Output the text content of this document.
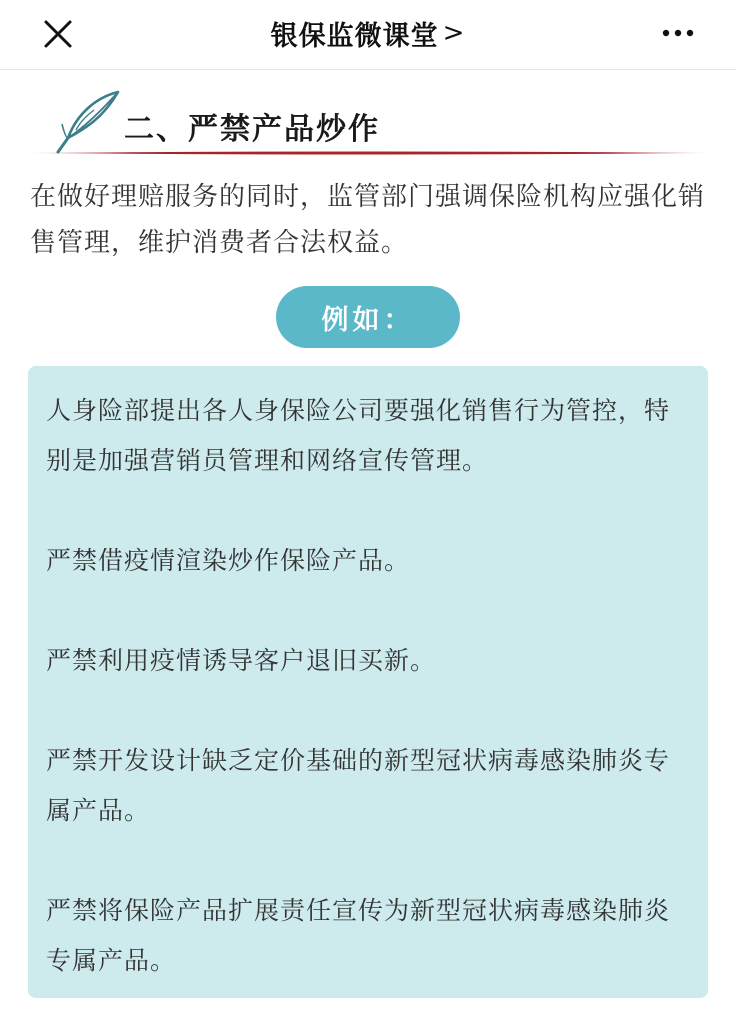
银保监微课堂 >
二、严禁产品炒作
在做好理赔服务的同时，监管部门强调保险机构应强化销售管理，维护消费者合法权益。
例如：

人身险部提出各人身保险公司要强化销售行为管控，特别是加强营销员管理和网络宣传管理。

严禁借疫情渲染炒作保险产品。

严禁利用疫情诱导客户退旧买新。

严禁开发设计缺乏定价基础的新型冠状病毒感染肺炎专属产品。

严禁将保险产品扩展责任宣传为新型冠状病毒感染肺炎专属产品。
